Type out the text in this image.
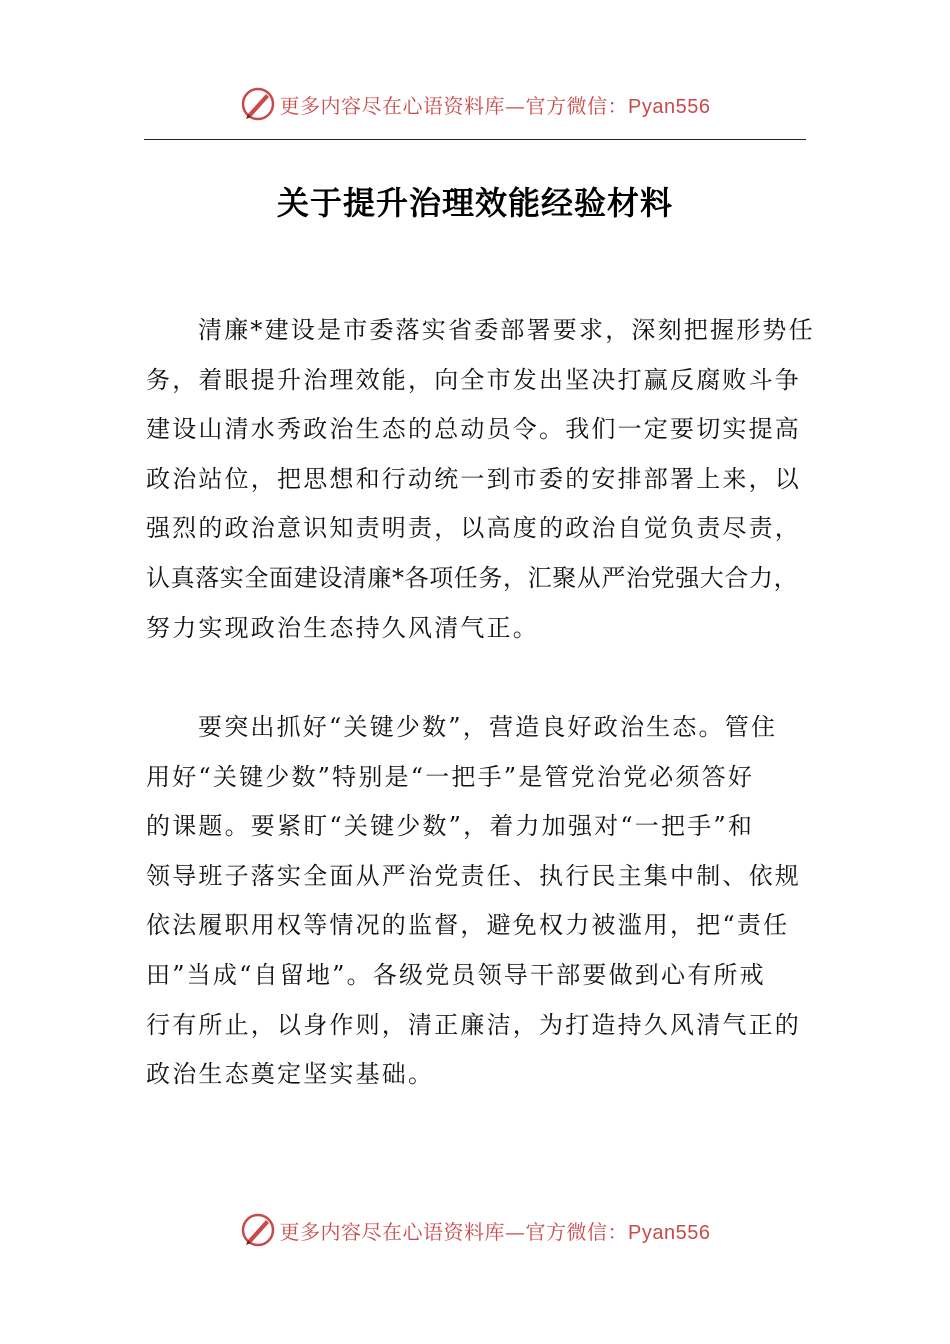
更多内容尽在心语资料库—官方微信：Pyan556
关于提升治理效能经验材料
清廉*建设是市委落实省委部署要求，深刻把握形势任
务，着眼提升治理效能，向全市发出坚决打赢反腐败斗争
建设山清水秀政治生态的总动员令。我们一定要切实提高
政治站位，把思想和行动统一到市委的安排部署上来，以
强烈的政治意识知责明责，以高度的政治自觉负责尽责，
认真落实全面建设清廉*各项任务，汇聚从严治党强大合力，
努力实现政治生态持久风清气正。
要突出抓好“关键少数”，营造良好政治生态。管住
用好“关键少数”特别是“一把手”是管党治党必须答好
的课题。要紧盯“关键少数”，着力加强对“一把手”和
领导班子落实全面从严治党责任、执行民主集中制、依规
依法履职用权等情况的监督，避免权力被滥用，把“责任
田”当成“自留地”。各级党员领导干部要做到心有所戒
行有所止，以身作则，清正廉洁，为打造持久风清气正的
政治生态奠定坚实基础。
更多内容尽在心语资料库—官方微信：Pyan556
